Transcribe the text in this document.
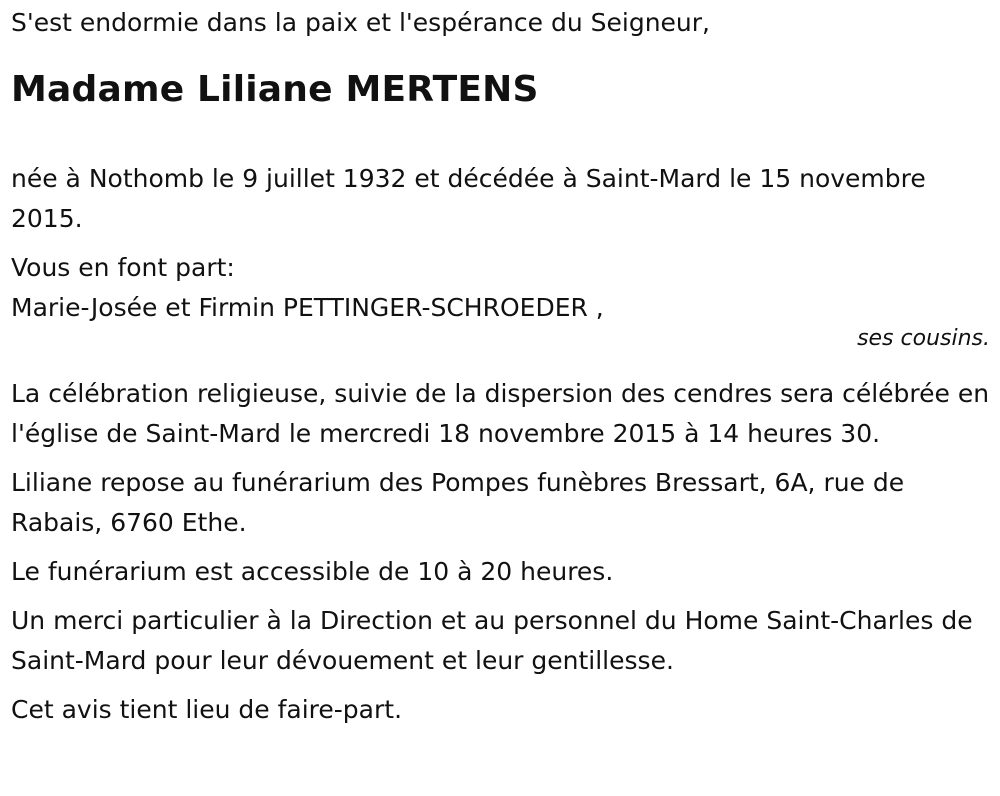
S'est endormie dans la paix et l'espérance du Seigneur,

Madame Liliane MERTENS

née à Nothomb le 9 juillet 1932 et décédée à Saint-Mard le 15 novembre 2015.

Vous en font part:

Marie-Josée et Firmin PETTINGER-SCHROEDER ,

ses cousins.

La célébration religieuse, suivie de la dispersion des cendres sera célébrée en l'église de Saint-Mard le mercredi 18 novembre 2015 à 14 heures 30.

Liliane repose au funérarium des Pompes funèbres Bressart, 6A, rue de Rabais, 6760 Ethe.

Le funérarium est accessible de 10 à 20 heures.

Un merci particulier à la Direction et au personnel du Home Saint-Charles de Saint-Mard pour leur dévouement et leur gentillesse.

Cet avis tient lieu de faire-part.
